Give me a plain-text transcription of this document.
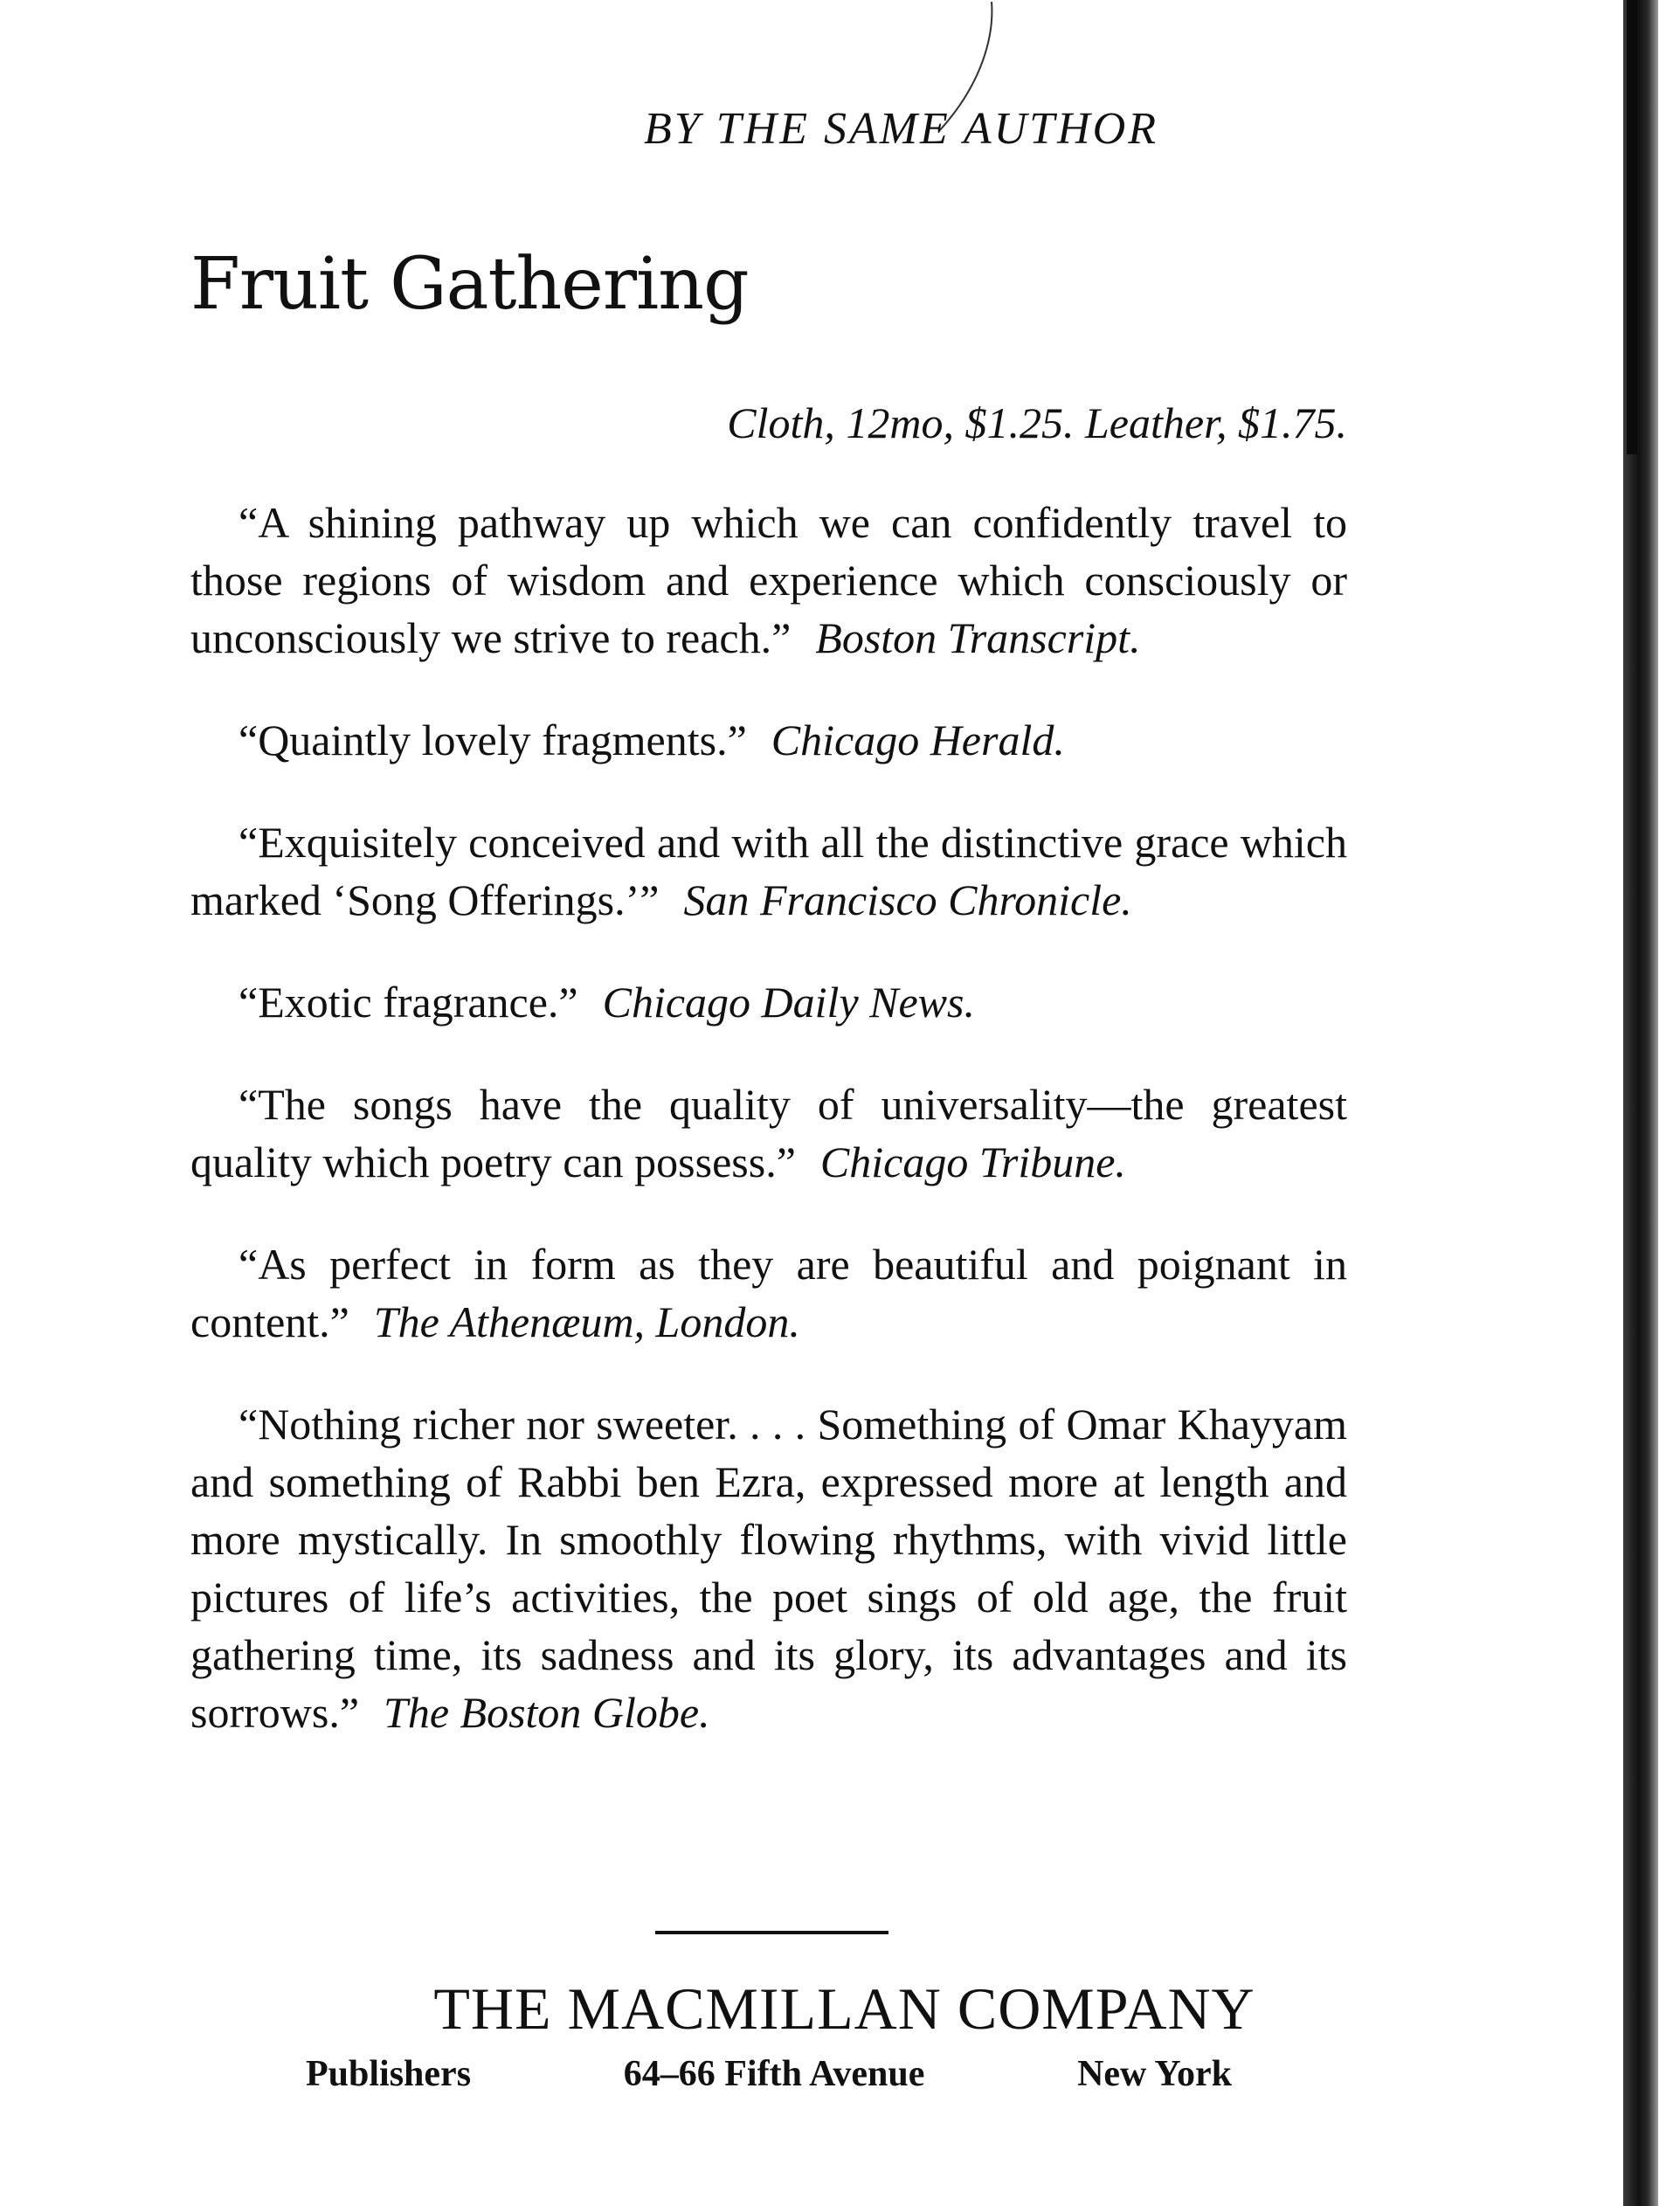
BY THE SAME AUTHOR
Fruit Gathering
Cloth, 12mo, $1.25. Leather, $1.75.

“A shining pathway up which we can confidently travel to those regions of wisdom and experience which consciously or unconsciously we strive to reach.” Boston Transcript.

“Quaintly lovely fragments.” Chicago Herald.

“Exquisitely conceived and with all the distinctive grace which marked ‘Song Offerings.’” San Francisco Chronicle.

“Exotic fragrance.” Chicago Daily News.

“The songs have the quality of universality—the greatest quality which poetry can possess.” Chicago Tribune.

“As perfect in form as they are beautiful and poignant in content.” The Athenæum, London.

“Nothing richer nor sweeter. . . . Something of Omar Khayyam and something of Rabbi ben Ezra, expressed more at length and more mystically. In smoothly flowing rhythms, with vivid little pictures of life’s activities, the poet sings of old age, the fruit gathering time, its sadness and its glory, its advantages and its sorrows.” The Boston Globe.

THE MACMILLAN COMPANY
Publishers	64–66 Fifth Avenue	New York
